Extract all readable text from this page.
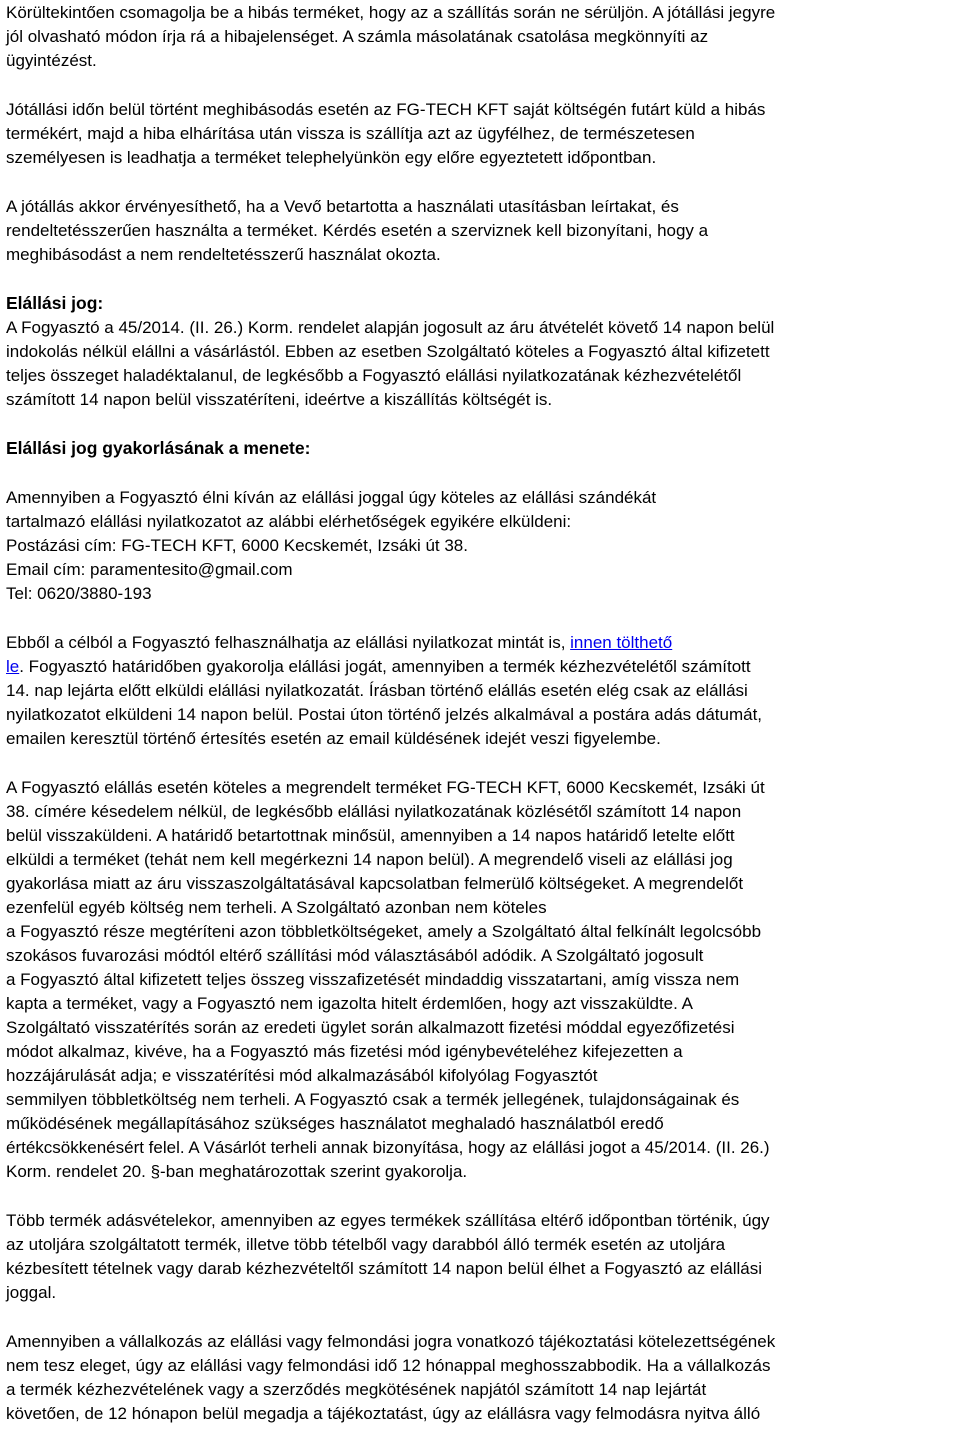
Körültekintően csomagolja be a hibás terméket, hogy az a szállítás során ne sérüljön. A jótállási jegyre
jól olvasható módon írja rá a hibajelenséget. A számla másolatának csatolása megkönnyíti az
ügyintézést.
Jótállási időn belül történt meghibásodás esetén az FG-TECH KFT saját költségén futárt küld a hibás
termékért, majd a hiba elhárítása után vissza is szállítja azt az ügyfélhez, de természetesen
személyesen is leadhatja a terméket telephelyünkön egy előre egyeztetett időpontban.
A jótállás akkor érvényesíthető, ha a Vevő betartotta a használati utasításban leírtakat, és
rendeltetésszerűen használta a terméket. Kérdés esetén a szerviznek kell bizonyítani, hogy a
meghibásodást a nem rendeltetésszerű használat okozta.
Elállási jog:
A Fogyasztó a 45/2014. (II. 26.) Korm. rendelet alapján jogosult az áru átvételét követő 14 napon belül
indokolás nélkül elállni a vásárlástól. Ebben az esetben Szolgáltató köteles a Fogyasztó által kifizetett
teljes összeget haladéktalanul, de legkésőbb a Fogyasztó elállási nyilatkozatának kézhezvételétől
számított 14 napon belül visszatéríteni, ideértve a kiszállítás költségét is.
Elállási jog gyakorlásának a menete:
Amennyiben a Fogyasztó élni kíván az elállási joggal úgy köteles az elállási szándékát
tartalmazó elállási nyilatkozatot az alábbi elérhetőségek egyikére elküldeni:
Postázási cím: FG-TECH KFT, 6000 Kecskemét, Izsáki út 38.
Email cím: paramentesito@gmail.com
Tel: 0620/3880-193
Ebből a célból a Fogyasztó felhasználhatja az elállási nyilatkozat mintát is, innen tölthető
le. Fogyasztó határidőben gyakorolja elállási jogát, amennyiben a termék kézhezvételétől számított
14. nap lejárta előtt elküldi elállási nyilatkozatát. Írásban történő elállás esetén elég csak az elállási
nyilatkozatot elküldeni 14 napon belül. Postai úton történő jelzés alkalmával a postára adás dátumát,
emailen keresztül történő értesítés esetén az email küldésének idejét veszi figyelembe.
A Fogyasztó elállás esetén köteles a megrendelt terméket FG-TECH KFT, 6000 Kecskemét, Izsáki út
38. címére késedelem nélkül, de legkésőbb elállási nyilatkozatának közlésétől számított 14 napon
belül visszaküldeni. A határidő betartottnak minősül, amennyiben a 14 napos határidő letelte előtt
elküldi a terméket (tehát nem kell megérkezni 14 napon belül). A megrendelő viseli az elállási jog
gyakorlása miatt az áru visszaszolgáltatásával kapcsolatban felmerülő költségeket. A megrendelőt
ezenfelül egyéb költség nem terheli. A Szolgáltató azonban nem köteles
a Fogyasztó része megtéríteni azon többletköltségeket, amely a Szolgáltató által felkínált legolcsóbb
szokásos fuvarozási módtól eltérő szállítási mód választásából adódik. A Szolgáltató jogosult
a Fogyasztó által kifizetett teljes összeg visszafizetését mindaddig visszatartani, amíg vissza nem
kapta a terméket, vagy a Fogyasztó nem igazolta hitelt érdemlően, hogy azt visszaküldte. A
Szolgáltató visszatérítés során az eredeti ügylet során alkalmazott fizetési móddal egyezőfizetési
módot alkalmaz, kivéve, ha a Fogyasztó más fizetési mód igénybevételéhez kifejezetten a
hozzájárulását adja; e visszatérítési mód alkalmazásából kifolyólag Fogyasztót
semmilyen többletköltség nem terheli. A Fogyasztó csak a termék jellegének, tulajdonságainak és
működésének megállapításához szükséges használatot meghaladó használatból eredő
értékcsökkenésért felel. A Vásárlót terheli annak bizonyítása, hogy az elállási jogot a 45/2014. (II. 26.)
Korm. rendelet 20. §-ban meghatározottak szerint gyakorolja.
Több termék adásvételekor, amennyiben az egyes termékek szállítása eltérő időpontban történik, úgy
az utoljára szolgáltatott termék, illetve több tételből vagy darabból álló termék esetén az utoljára
kézbesített tételnek vagy darab kézhezvételtől számított 14 napon belül élhet a Fogyasztó az elállási
joggal.
Amennyiben a vállalkozás az elállási vagy felmondási jogra vonatkozó tájékoztatási kötelezettségének
nem tesz eleget, úgy az elállási vagy felmondási idő 12 hónappal meghosszabbodik. Ha a vállalkozás
a termék kézhezvételének vagy a szerződés megkötésének napjától számított 14 nap lejártát
követően, de 12 hónapon belül megadja a tájékoztatást, úgy az elállásra vagy felmodásra nyitva álló
